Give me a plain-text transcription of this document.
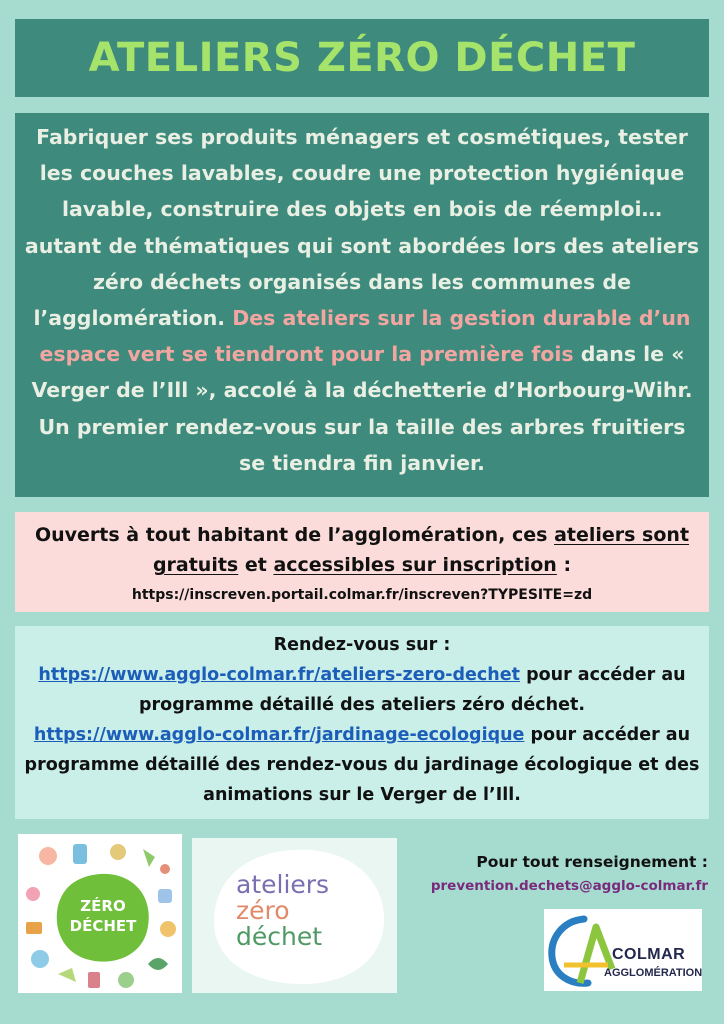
ATELIERS ZÉRO DÉCHET
Fabriquer ses produits ménagers et cosmétiques, tester les couches lavables, coudre une protection hygiénique lavable, construire des objets en bois de réemploi… autant de thématiques qui sont abordées lors des ateliers zéro déchets organisés dans les communes de l’agglomération. Des ateliers sur la gestion durable d’un espace vert se tiendront pour la première fois dans le « Verger de l’Ill », accolé à la déchetterie d’Horbourg-Wihr. Un premier rendez-vous sur la taille des arbres fruitiers se tiendra fin janvier.
Ouverts à tout habitant de l’agglomération, ces ateliers sont gratuits et accessibles sur inscription :
https://inscreven.portail.colmar.fr/inscreven?TYPESITE=zd
Rendez-vous sur :
https://www.agglo-colmar.fr/ateliers-zero-dechet pour accéder au programme détaillé des ateliers zéro déchet.
https://www.agglo-colmar.fr/jardinage-ecologique pour accéder au programme détaillé des rendez-vous du jardinage écologique et des animations sur le Verger de l’Ill.
ZÉRO
DÉCHET
ateliers
zéro
déchet
Pour tout renseignement :
prevention.dechets@agglo-colmar.fr
COLMAR
AGGLOMÉRATION
